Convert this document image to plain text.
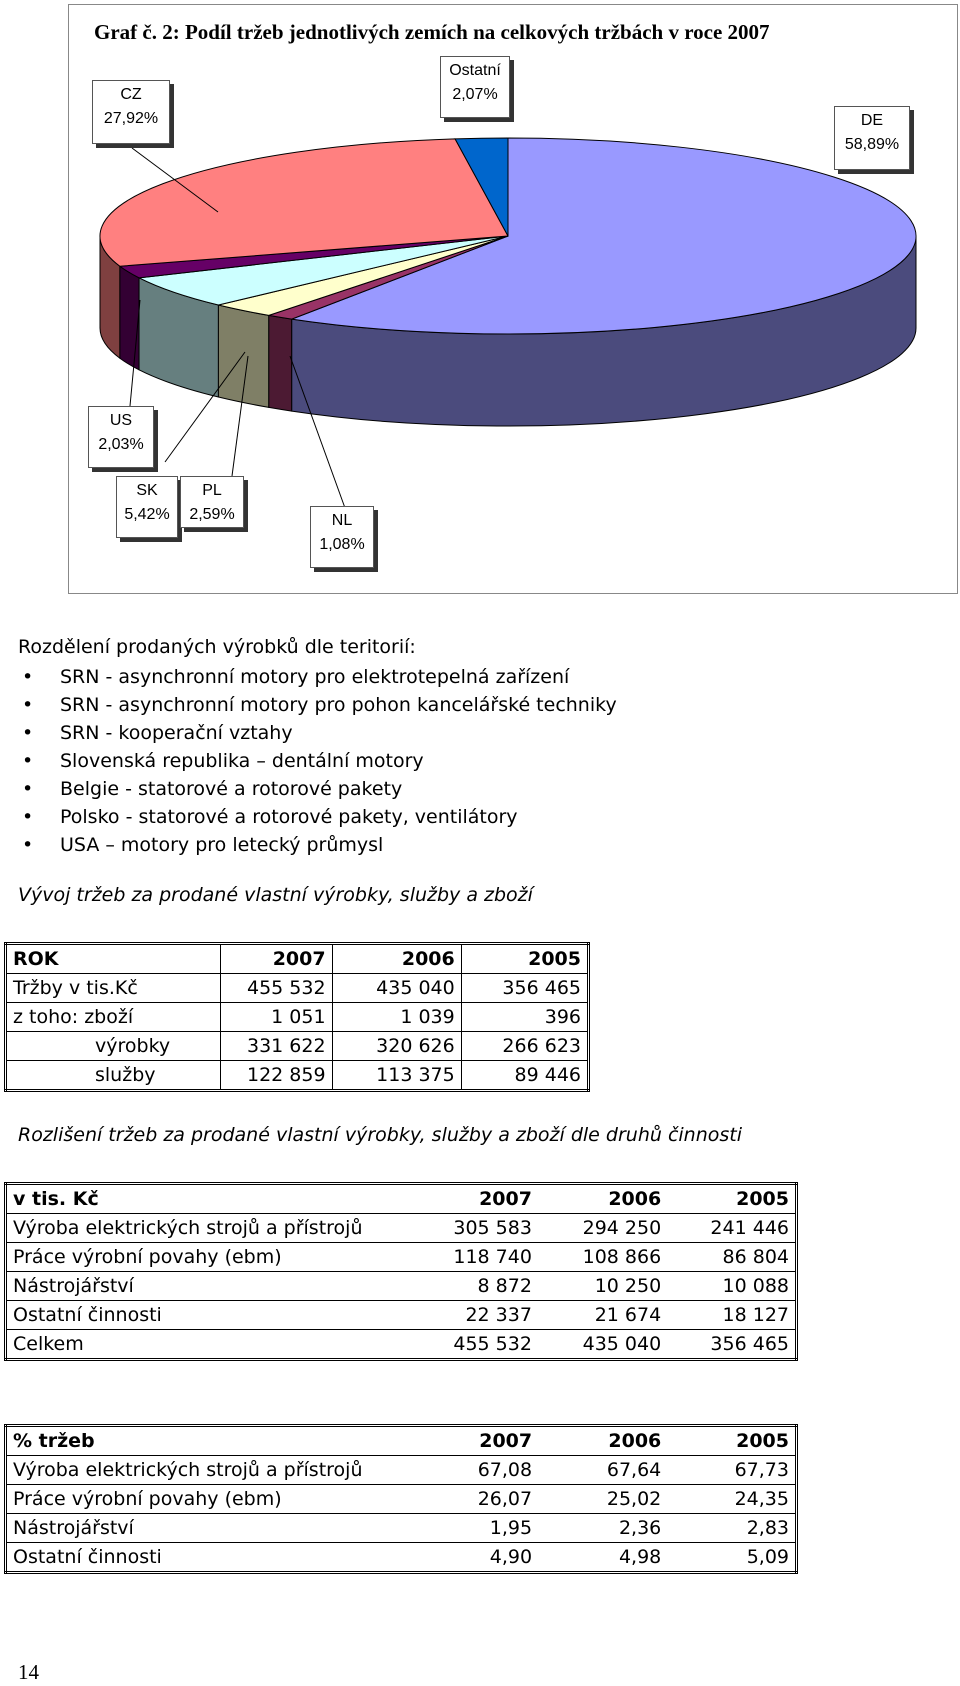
Graf č. 2: Podíl tržeb jednotlivých zemích na celkových tržbách v roce 2007
CZ
27,92%
Ostatní
2,07%
DE
58,89%
US
2,03%
SK
5,42%
PL
2,59%	NL
1,08%
Rozdělení prodaných výrobků dle teritorií:
• SRN - asynchronní motory pro elektrotepelná zařízení
• SRN - asynchronní motory pro pohon kancelářské techniky
• SRN - kooperační vztahy
• Slovenská republika – dentální motory
• Belgie - statorové a rotorové pakety
• Polsko - statorové a rotorové pakety, ventilátory
• USA – motory pro letecký průmysl
Vývoj tržeb za prodané vlastní výrobky, služby a zboží
ROK	2007	2006	2005
Tržby v tis.Kč	455 532	435 040	356 465
z toho: zboží	1 051	1 039	396
výrobky	331 622	320 626	266 623
služby	122 859	113 375	89 446
Rozlišení tržeb za prodané vlastní výrobky, služby a zboží dle druhů činnosti
v tis. Kč	2007	2006	2005
Výroba elektrických strojů a přístrojů	305 583	294 250	241 446
Práce výrobní povahy (ebm)	118 740	108 866	86 804
Nástrojářství	8 872	10 250	10 088
Ostatní činnosti	22 337	21 674	18 127
Celkem	455 532	435 040	356 465
% tržeb	2007	2006	2005
Výroba elektrických strojů a přístrojů	67,08	67,64	67,73
Práce výrobní povahy (ebm)	26,07	25,02	24,35
Nástrojářství	1,95	2,36	2,83
Ostatní činnosti	4,90	4,98	5,09
14
